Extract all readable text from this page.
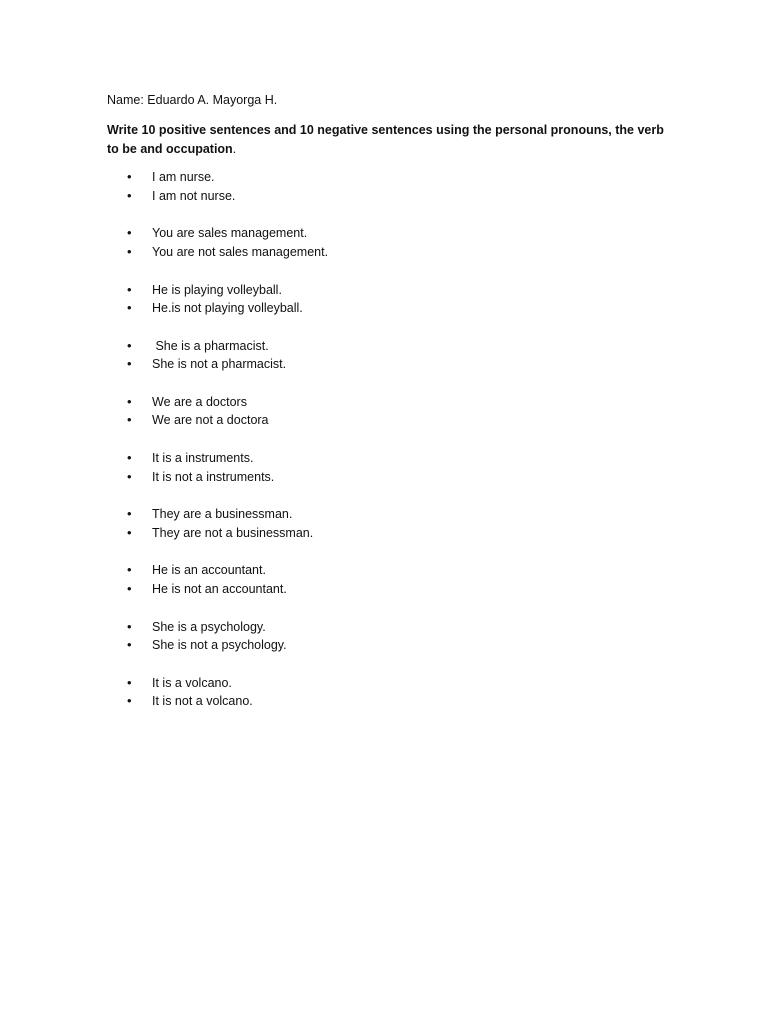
Name: Eduardo A. Mayorga H.
Write 10 positive sentences and 10 negative sentences using the personal pronouns, the verb to be and occupation.
• I am nurse.
• I am not nurse.
• You are sales management.
• You are not sales management.
• He is playing volleyball.
• He.is not playing volleyball.
• She is a pharmacist.
• She is not a pharmacist.
• We are a doctors
• We are not a doctora
• It is a instruments.
• It is not a instruments.
• They are a businessman.
• They are not a businessman.
• He is an accountant.
• He is not an accountant.
• She is a psychology.
• She is not a psychology.
• It is a volcano.
• It is not a volcano.
